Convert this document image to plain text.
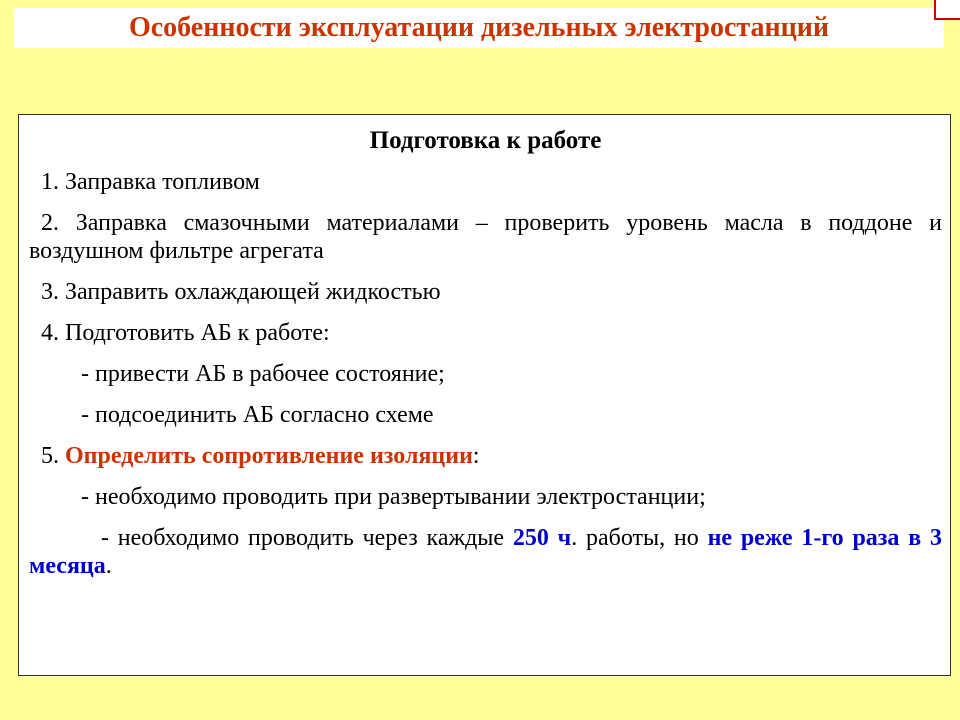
Особенности эксплуатации дизельных электростанций
Подготовка к работе
1. Заправка топливом
2. Заправка смазочными материалами – проверить уровень масла в поддоне и воздушном фильтре агрегата
3. Заправить охлаждающей жидкостью
4. Подготовить АБ к работе:
- привести АБ в рабочее состояние;
- подсоединить АБ согласно схеме
5. Определить сопротивление изоляции:
- необходимо проводить при развертывании электростанции;
- необходимо проводить через каждые 250 ч. работы, но не реже 1-го раза в 3 месяца.
